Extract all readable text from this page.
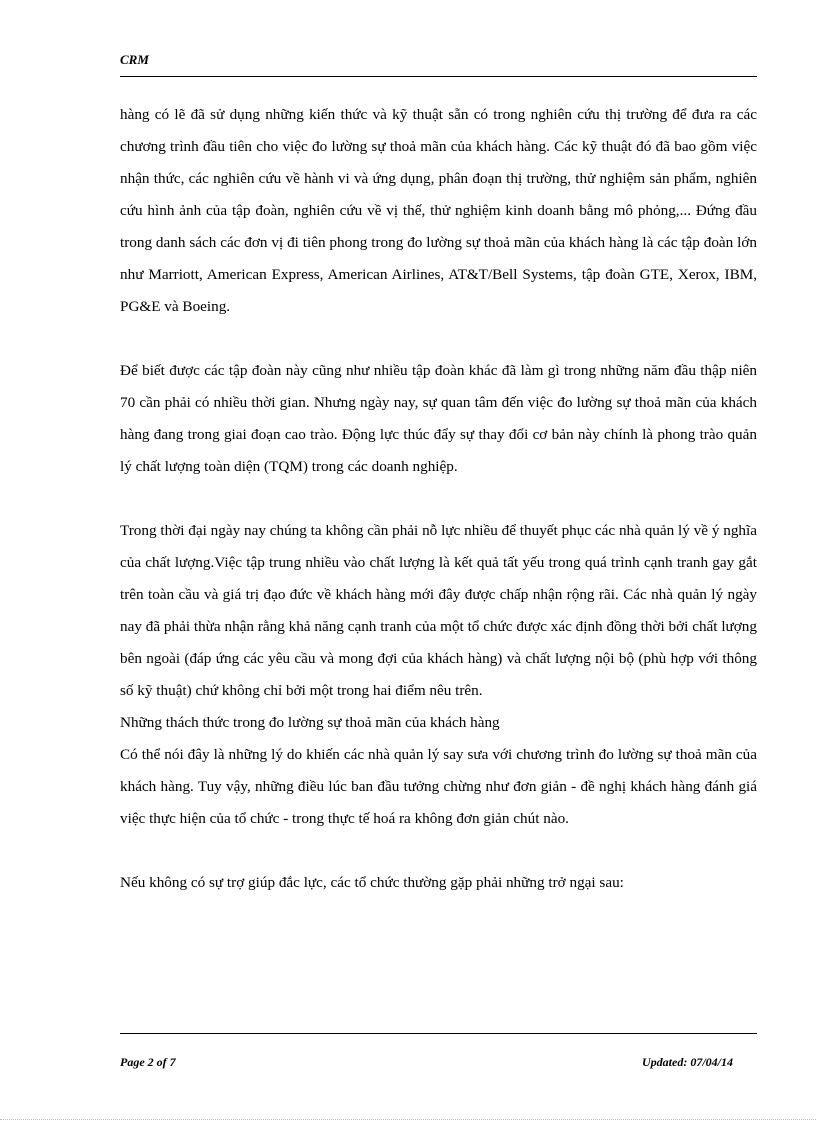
CRM

hàng có lẽ đã sử dụng những kiến thức và kỹ thuật sẵn có trong nghiên cứu thị trường để đưa ra các chương trình đầu tiên cho việc đo lường sự thoả mãn của khách hàng. Các kỹ thuật đó đã bao gồm việc nhận thức, các nghiên cứu về hành vi và ứng dụng, phân đoạn thị trường, thử nghiệm sản phẩm, nghiên cứu hình ảnh của tập đoàn, nghiên cứu về vị thế, thử nghiệm kinh doanh bằng mô phỏng,... Đứng đầu trong danh sách các đơn vị đi tiên phong trong đo lường sự thoả mãn của khách hàng là các tập đoàn lớn như Marriott, American Express, American Airlines, AT&T/Bell Systems, tập đoàn GTE, Xerox, IBM, PG&E và Boeing.

Để biết được các tập đoàn này cũng như nhiều tập đoàn khác đã làm gì trong những năm đầu thập niên 70 cần phải có nhiều thời gian. Nhưng ngày nay, sự quan tâm đến việc đo lường sự thoả mãn của khách hàng đang trong giai đoạn cao trào. Động lực thúc đẩy sự thay đổi cơ bản này chính là phong trào quản lý chất lượng toàn diện (TQM) trong các doanh nghiệp.

Trong thời đại ngày nay chúng ta không cần phải nỗ lực nhiều để thuyết phục các nhà quản lý về ý nghĩa của chất lượng.Việc tập trung nhiều vào chất lượng là kết quả tất yếu trong quá trình cạnh tranh gay gắt trên toàn cầu và giá trị đạo đức về khách hàng mới đây được chấp nhận rộng rãi. Các nhà quản lý ngày nay đã phải thừa nhận rằng khả năng cạnh tranh của một tổ chức được xác định đồng thời bởi chất lượng bên ngoài (đáp ứng các yêu cầu và mong đợi của khách hàng) và chất lượng nội bộ (phù hợp với thông số kỹ thuật) chứ không chỉ bởi một trong hai điểm nêu trên.

Những thách thức trong đo lường sự thoả mãn của khách hàng

Có thể nói đây là những lý do khiến các nhà quản lý say sưa với chương trình đo lường sự thoả mãn của khách hàng. Tuy vậy, những điều lúc ban đầu tưởng chừng như đơn giản - đề nghị khách hàng đánh giá việc thực hiện của tổ chức - trong thực tế hoá ra không đơn giản chút nào.

Nếu không có sự trợ giúp đắc lực, các tổ chức thường gặp phải những trở ngại sau:

Page 2 of 7	Updated: 07/04/14
